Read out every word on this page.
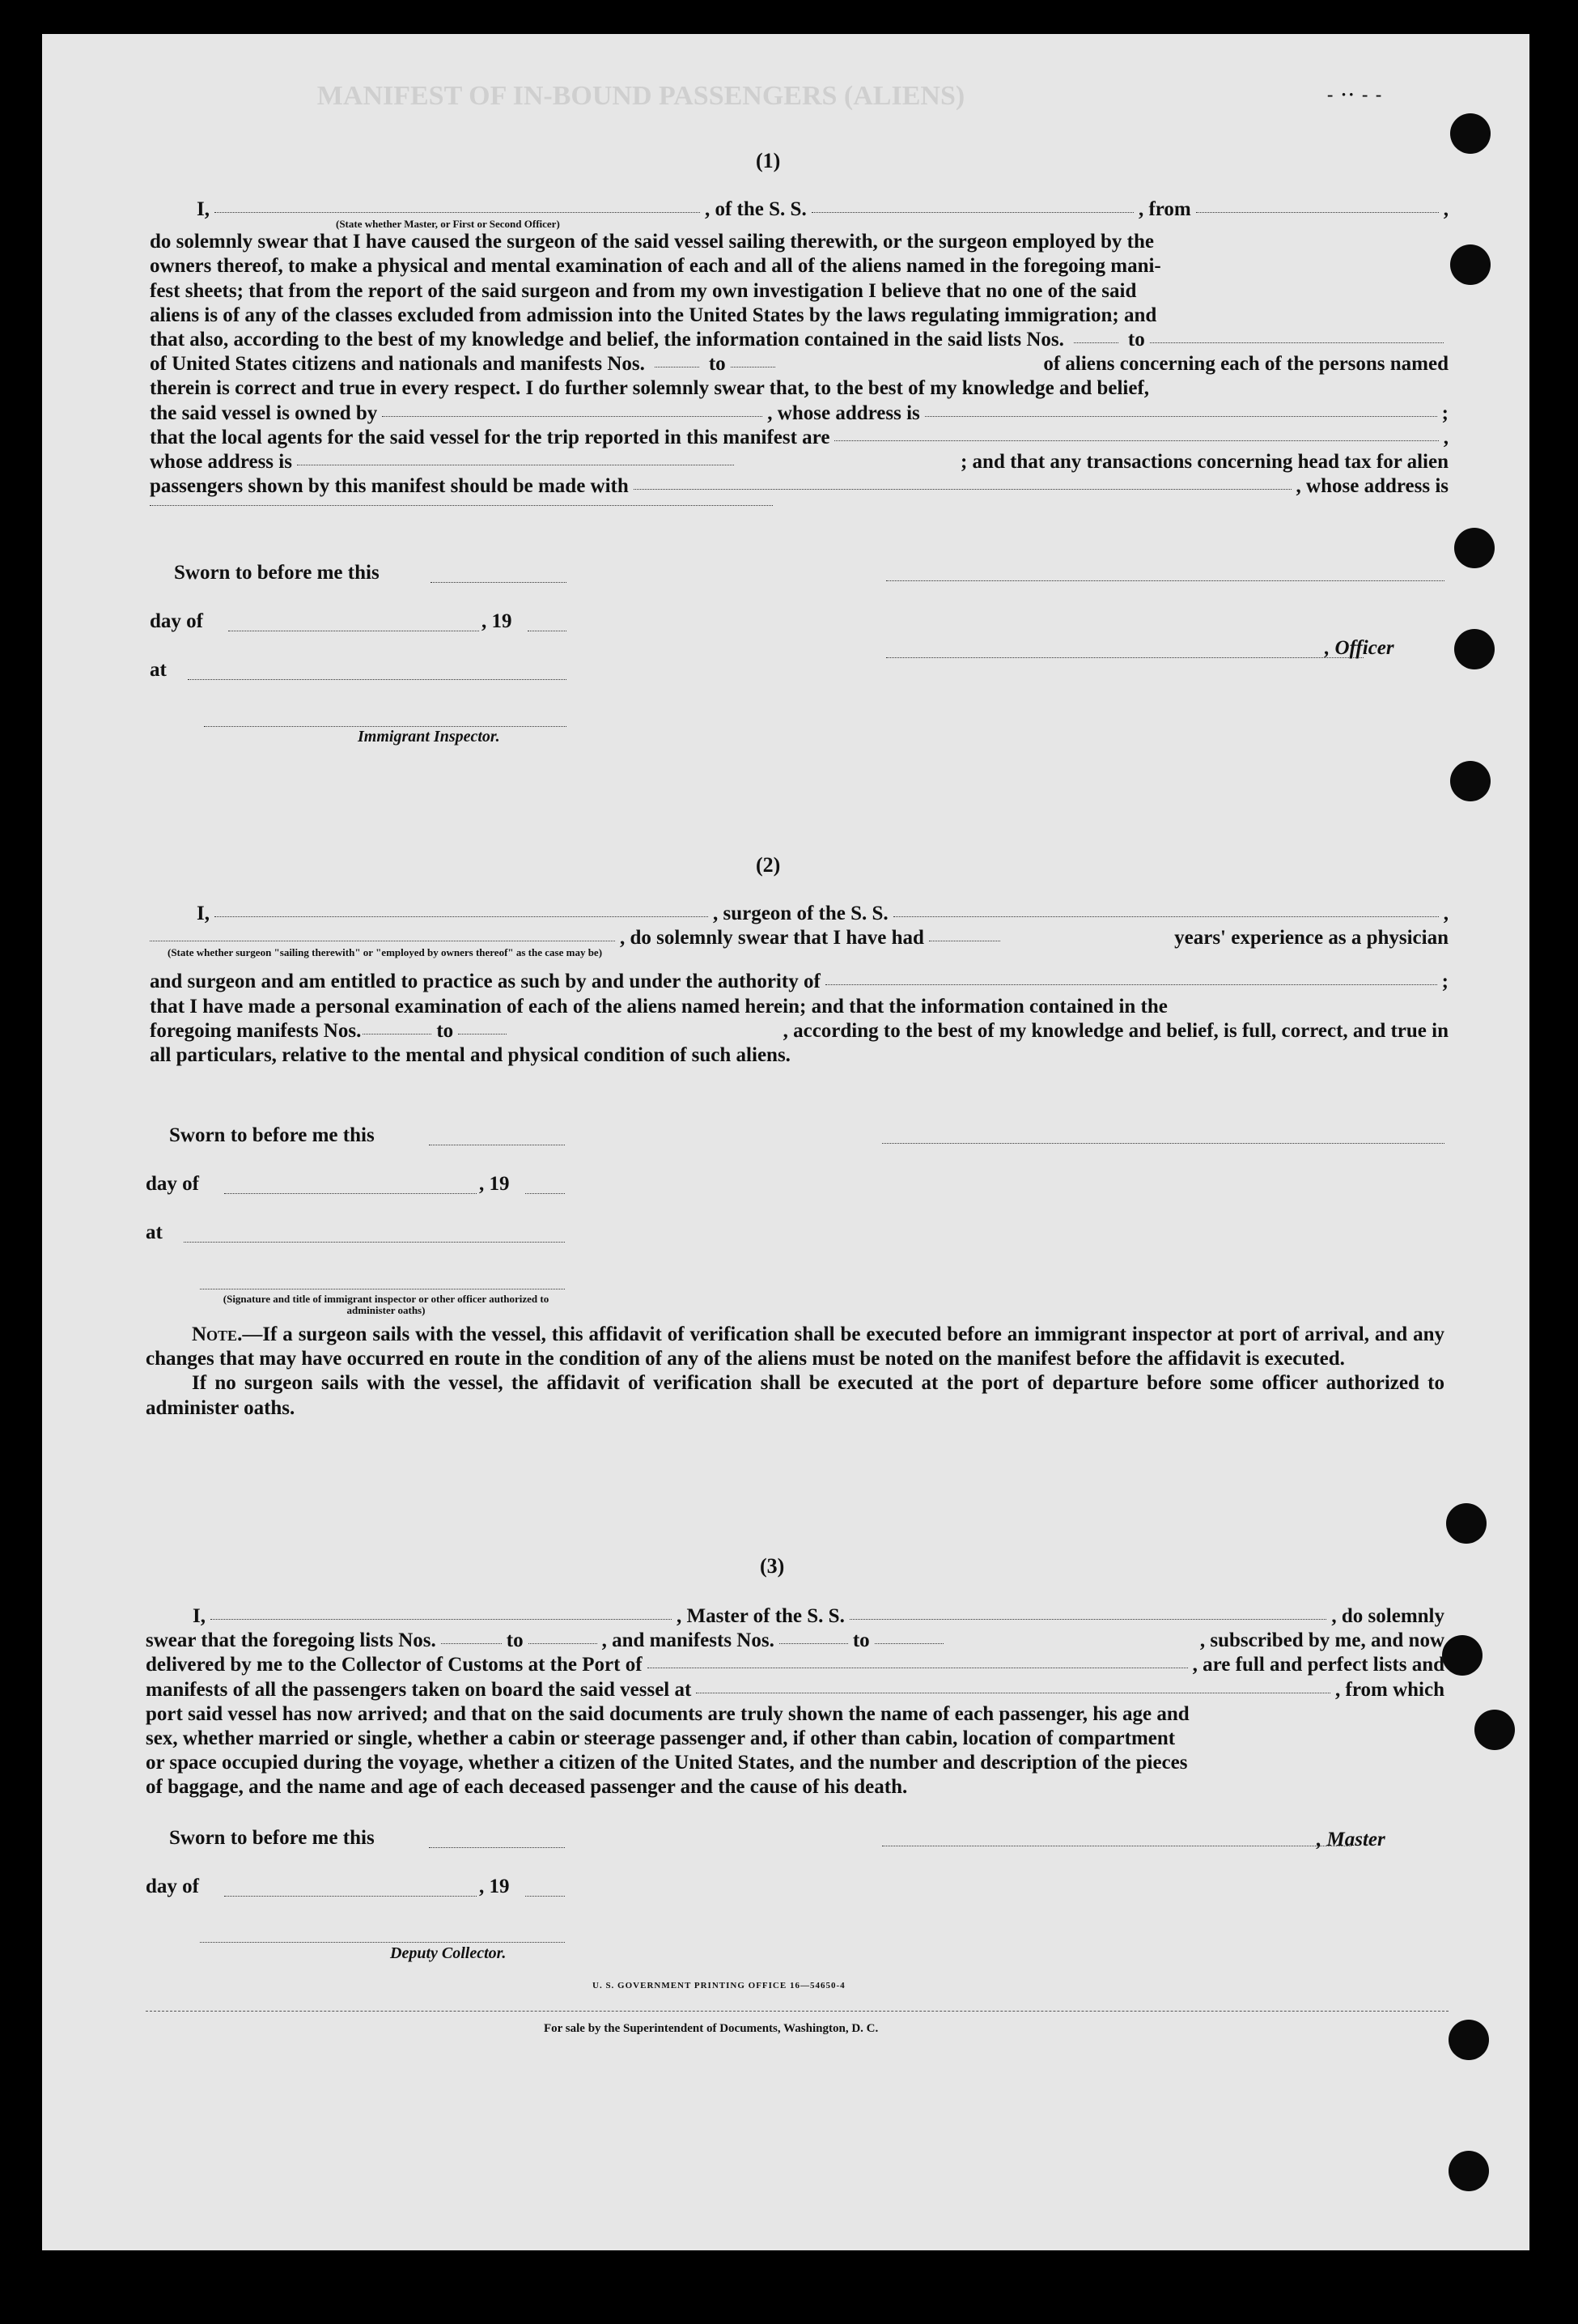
- ·· - -
MANIFEST OF IN-BOUND PASSENGERS (ALIENS)
(1)
I,	, of the S. S.	, from	,
(State whether Master, or First or Second Officer)
do solemnly swear that I have caused the surgeon of the said vessel sailing therewith, or the surgeon employed by the
owners thereof, to make a physical and mental examination of each and all of the aliens named in the foregoing mani-
fest sheets; that from the report of the said surgeon and from my own investigation I believe that no one of the said
aliens is of any of the classes excluded from admission into the United States by the laws regulating immigration; and
that also, according to the best of my knowledge and belief, the information contained in the said lists Nos.	to
of United States citizens and nationals and manifests Nos.	to	of aliens concerning each of the persons named
therein is correct and true in every respect. I do further solemnly swear that, to the best of my knowledge and belief,
the said vessel is owned by	, whose address is	;
that the local agents for the said vessel for the trip reported in this manifest are	,
whose address is	; and that any transactions concerning head tax for alien
passengers shown by this manifest should be made with	, whose address is
Sworn to before me this
day of	, 19
, Officer
at
Immigrant Inspector.
(2)
I,	, surgeon of the S. S.	,
, do solemnly swear that I have had	years' experience as a physician
(State whether surgeon "sailing therewith" or "employed by owners thereof" as the case may be)
and surgeon and am entitled to practice as such by and under the authority of	;
that I have made a personal examination of each of the aliens named herein; and that the information contained in the
foregoing manifests Nos.	to	, according to the best of my knowledge and belief, is full, correct, and true in
all particulars, relative to the mental and physical condition of such aliens.
Sworn to before me this
day of	, 19
at
(Signature and title of immigrant inspector or other officer authorized to administer oaths)

Note.—If a surgeon sails with the vessel, this affidavit of verification shall be executed before an immigrant inspector at port of arrival, and any changes that may have occurred en route in the condition of any of the aliens must be noted on the manifest before the affidavit is executed.

If no surgeon sails with the vessel, the affidavit of verification shall be executed at the port of departure before some officer authorized to administer oaths.

(3)
I,	, Master of the S. S.	, do solemnly
swear that the foregoing lists Nos.	to	, and manifests Nos.	to	, subscribed by me, and now
delivered by me to the Collector of Customs at the Port of	, are full and perfect lists and
manifests of all the passengers taken on board the said vessel at	, from which
port said vessel has now arrived; and that on the said documents are truly shown the name of each passenger, his age and
sex, whether married or single, whether a cabin or steerage passenger and, if other than cabin, location of compartment
or space occupied during the voyage, whether a citizen of the United States, and the number and description of the pieces
of baggage, and the name and age of each deceased passenger and the cause of his death.
Sworn to before me this	, Master
day of	, 19
Deputy Collector.
U. S. GOVERNMENT PRINTING OFFICE 16—54650-4
For sale by the Superintendent of Documents, Washington, D. C.
